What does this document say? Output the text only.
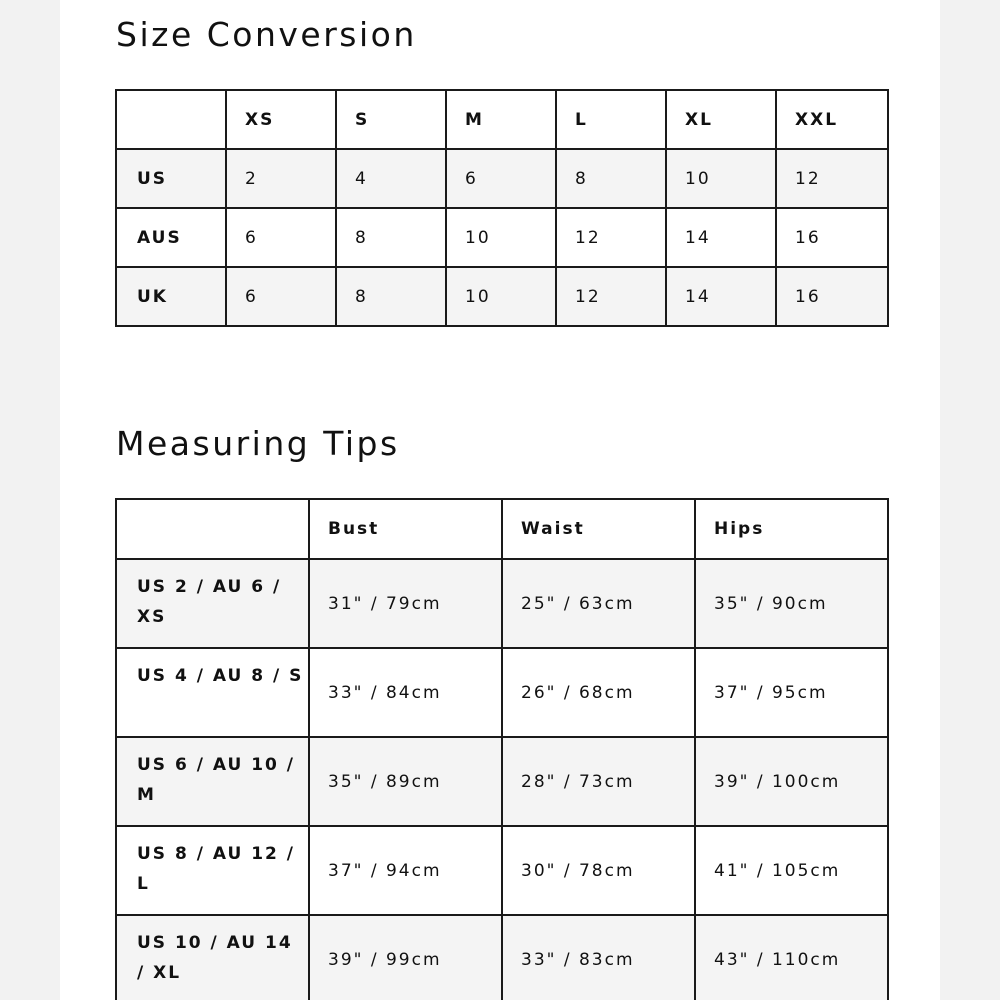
Size Conversion
	XS	S	M	L	XL	XXL
US	2	4	6	8	10	12
AUS	6	8	10	12	14	16
UK	6	8	10	12	14	16
Measuring Tips
	Bust	Waist	Hips
US 2 / AU 6 / XS	31" / 79cm	25" / 63cm	35" / 90cm
US 4 / AU 8 / S	33" / 84cm	26" / 68cm	37" / 95cm
US 6 / AU 10 / M	35" / 89cm	28" / 73cm	39" / 100cm
US 8 / AU 12 / L	37" / 94cm	30" / 78cm	41" / 105cm
US 10 / AU 14 / XL	39" / 99cm	33" / 83cm	43" / 110cm
